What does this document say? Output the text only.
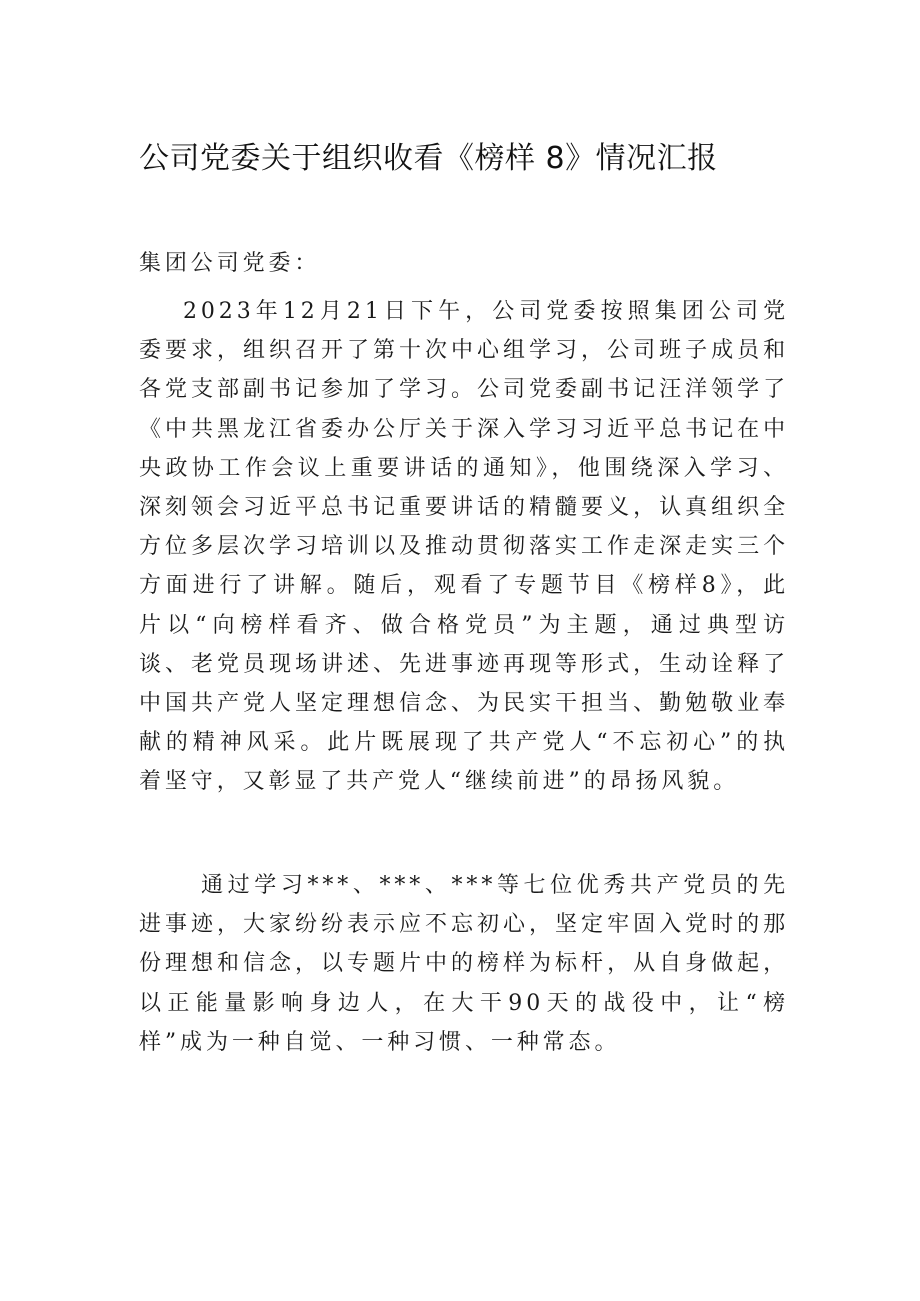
公司党委关于组织收看《榜样 8》情况汇报

集团公司党委：

2023年12月21日下午，公司党委按照集团公司党委要求，组织召开了第十次中心组学习，公司班子成员和各党支部副书记参加了学习。公司党委副书记汪洋领学了《中共黑龙江省委办公厅关于深入学习习近平总书记在中央政协工作会议上重要讲话的通知》，他围绕深入学习、深刻领会习近平总书记重要讲话的精髓要义，认真组织全方位多层次学习培训以及推动贯彻落实工作走深走实三个方面进行了讲解。随后，观看了专题节目《榜样8》，此片以“向榜样看齐、做合格党员”为主题，通过典型访谈、老党员现场讲述、先进事迹再现等形式，生动诠释了中国共产党人坚定理想信念、为民实干担当、勤勉敬业奉献的精神风采。此片既展现了共产党人“不忘初心”的执着坚守，又彰显了共产党人“继续前进”的昂扬风貌。

通过学习***、***、***等七位优秀共产党员的先进事迹，大家纷纷表示应不忘初心，坚定牢固入党时的那份理想和信念，以专题片中的榜样为标杆，从自身做起，以正能量影响身边人，在大干90天的战役中，让“榜样”成为一种自觉、一种习惯、一种常态。
